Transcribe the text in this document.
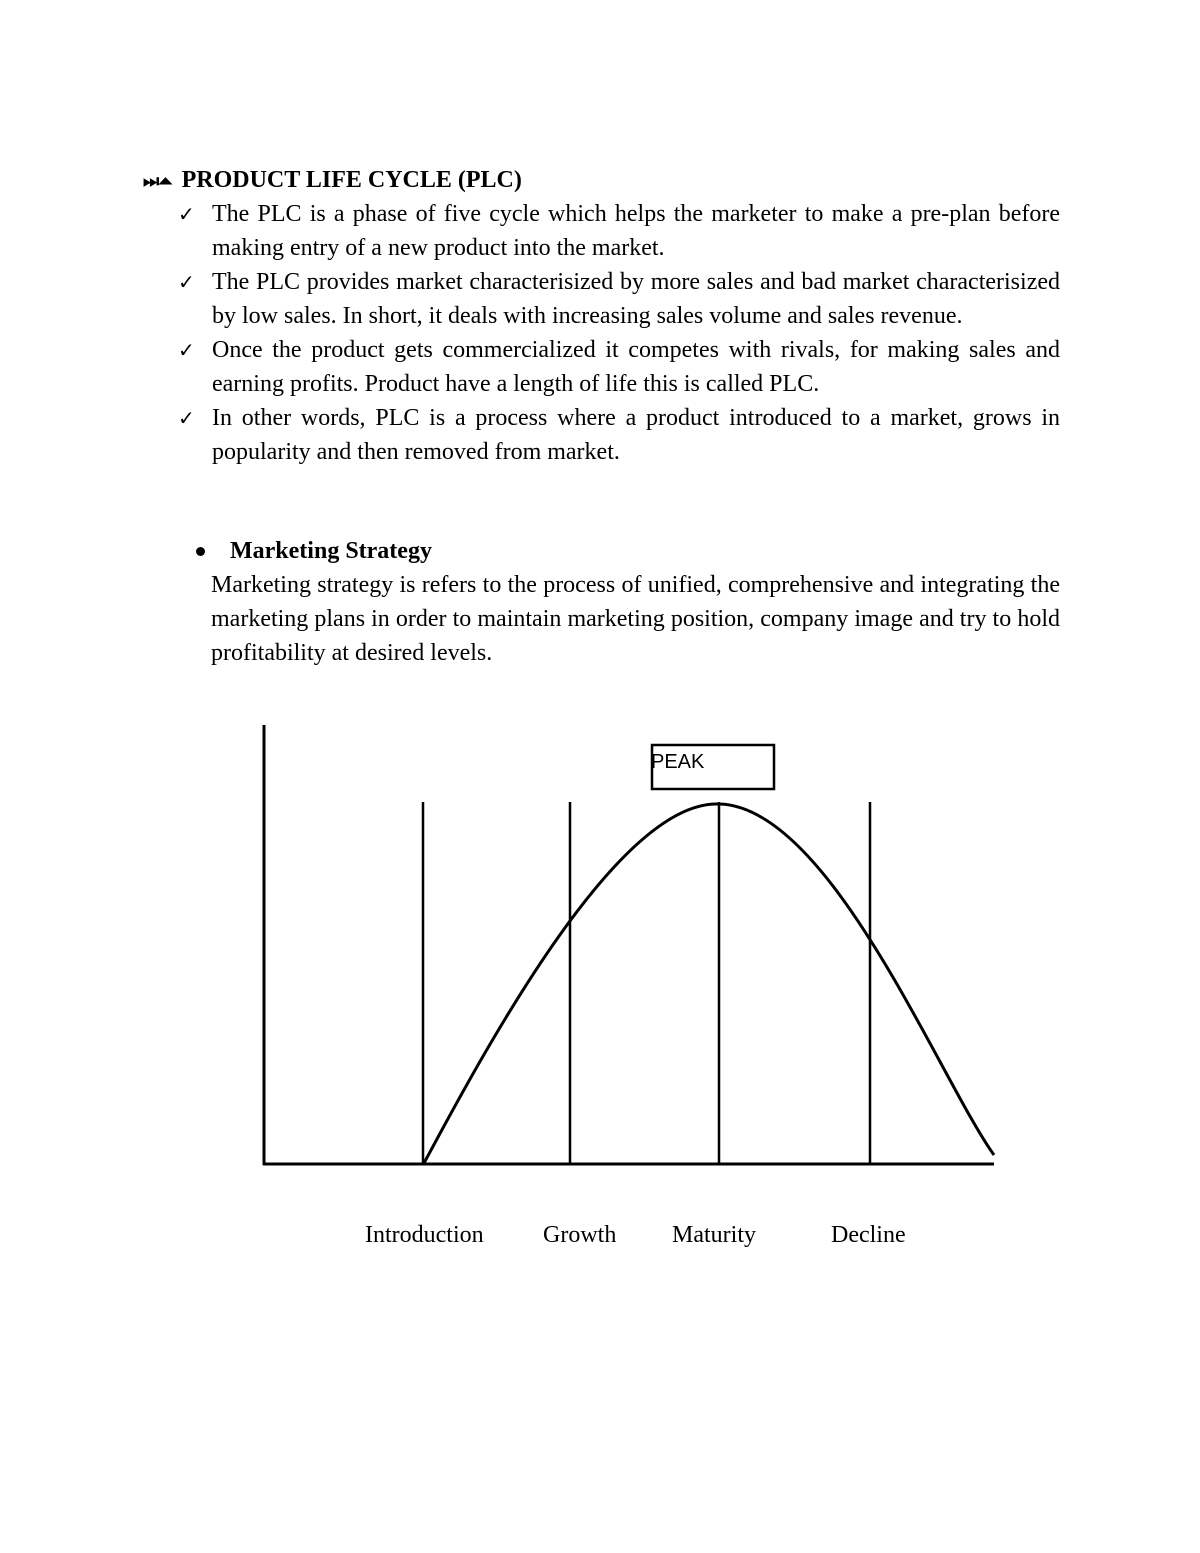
⏭⏶ PRODUCT LIFE CYCLE (PLC)
✓ The PLC is a phase of five cycle which helps the marketer to make a pre-plan before making entry of a new product into the market.
✓ The PLC provides market characterisized by more sales and bad market characterisized by low sales. In short, it deals with increasing sales volume and sales revenue.
✓ Once the product gets commercialized it competes with rivals, for making sales and earning profits. Product have a length of life this is called PLC.
✓ In other words, PLC is a process where a product introduced to a market, grows in popularity and then removed from market.
Marketing Strategy
Marketing strategy is refers to the process of unified, comprehensive and integrating the marketing plans in order to maintain marketing position, company image and try to hold profitability at desired levels.
PEAK
Introduction Growth Maturity	Decline
